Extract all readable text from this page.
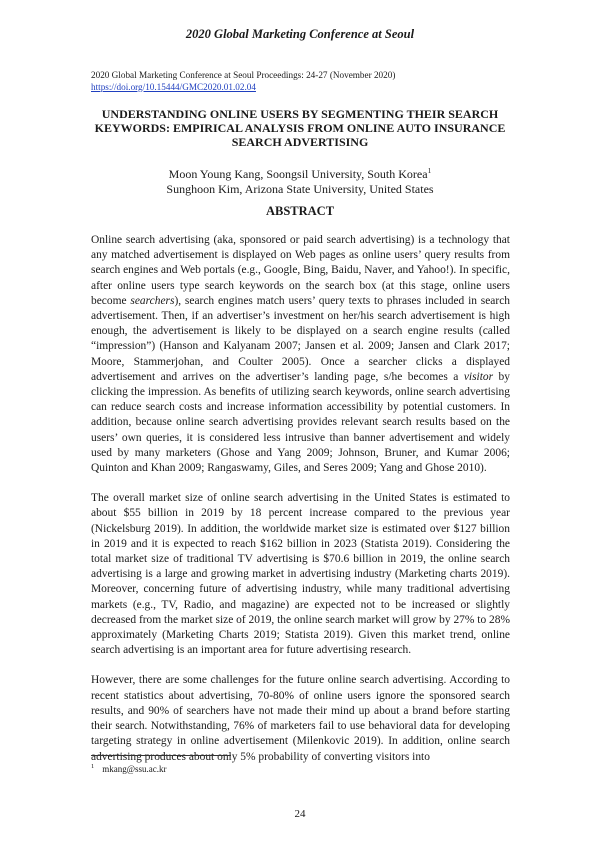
2020 Global Marketing Conference at Seoul
2020 Global Marketing Conference at Seoul Proceedings: 24-27 (November 2020)
https://doi.org/10.15444/GMC2020.01.02.04
UNDERSTANDING ONLINE USERS BY SEGMENTING THEIR SEARCH KEYWORDS: EMPIRICAL ANALYSIS FROM ONLINE AUTO INSURANCE SEARCH ADVERTISING
Moon Young Kang, Soongsil University, South Korea$^1$
Sunghoon Kim, Arizona State University, United States
ABSTRACT

Online search advertising (aka, sponsored or paid search advertising) is a technology that any matched advertisement is displayed on Web pages as online users’ query results from search engines and Web portals (e.g., Google, Bing, Baidu, Naver, and Yahoo!). In specific, after online users type search keywords on the search box (at this stage, online users become searchers), search engines match users’ query texts to phrases included in search advertisement. Then, if an advertiser’s investment on her/his search advertisement is high enough, the advertisement is likely to be displayed on a search engine results (called “impression”) (Hanson and Kalyanam 2007; Jansen et al. 2009; Jansen and Clark 2017; Moore, Stammerjohan, and Coulter 2005). Once a searcher clicks a displayed advertisement and arrives on the advertiser’s landing page, s/he becomes a visitor by clicking the impression. As benefits of utilizing search keywords, online search advertising can reduce search costs and increase information accessibility by potential customers. In addition, because online search advertising provides relevant search results based on the users’ own queries, it is considered less intrusive than banner advertisement and widely used by many marketers (Ghose and Yang 2009; Johnson, Bruner, and Kumar 2006; Quinton and Khan 2009; Rangaswamy, Giles, and Seres 2009; Yang and Ghose 2010).

The overall market size of online search advertising in the United States is estimated to about $55 billion in 2019 by 18 percent increase compared to the previous year (Nickelsburg 2019). In addition, the worldwide market size is estimated over $127 billion in 2019 and it is expected to reach $162 billion in 2023 (Statista 2019). Considering the total market size of traditional TV advertising is $70.6 billion in 2019, the online search advertising is a large and growing market in advertising industry (Marketing charts 2019). Moreover, concerning future of advertising industry, while many traditional advertising markets (e.g., TV, Radio, and magazine) are expected not to be increased or slightly decreased from the market size of 2019, the online search market will grow by 27% to 28% approximately (Marketing Charts 2019; Statista 2019). Given this market trend, online search advertising is an important area for future advertising research.

However, there are some challenges for the future online search advertising. According to recent statistics about advertising, 70-80% of online users ignore the sponsored search results, and 90% of searchers have not made their mind up about a brand before starting their search. Notwithstanding, 76% of marketers fail to use behavioral data for developing targeting strategy in online advertisement (Milenkovic 2019). In addition, online search advertising produces about only 5% probability of converting visitors into

$^1$ mkang@ssu.ac.kr
24
